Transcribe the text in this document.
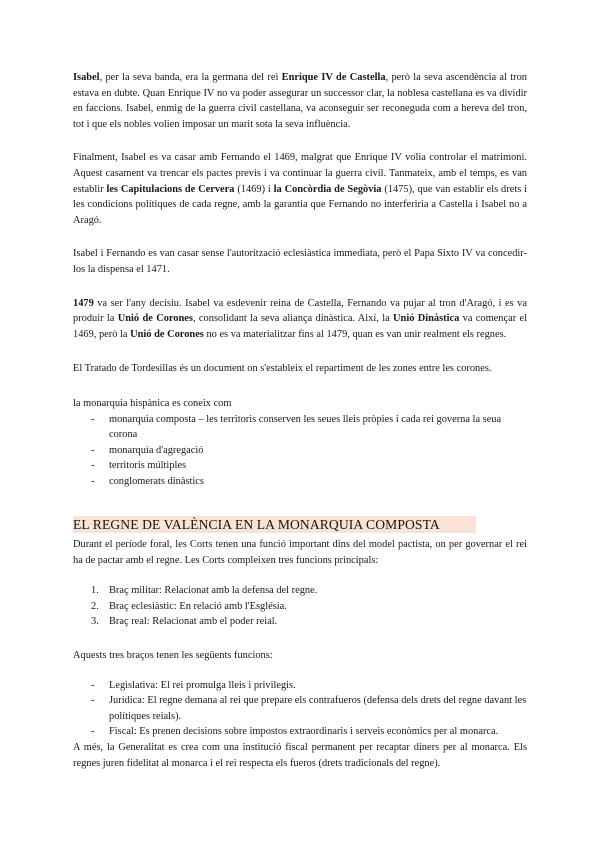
Isabel, per la seva banda, era la germana del rei Enrique IV de Castella, però la seva ascendència al tron estava en dubte. Quan Enrique IV no va poder assegurar un successor clar, la noblesa castellana es va dividir en faccions. Isabel, enmig de la guerra civil castellana, va aconseguir ser reconeguda com a hereva del tron, tot i que els nobles volien imposar un marit sota la seva influència.

Finalment, Isabel es va casar amb Fernando el 1469, malgrat que Enrique IV volia controlar el matrimoni. Aquest casament va trencar els pactes previs i va continuar la guerra civil. Tanmateix, amb el temps, es van establir les Capitulacions de Cervera (1469) i la Concòrdia de Segòvia (1475), que van establir els drets i les condicions polítiques de cada regne, amb la garantia que Fernando no interferiria a Castella i Isabel no a Aragó.

Isabel i Fernando es van casar sense l'autorització eclesiàstica immediata, però el Papa Sixto IV va concedir-los la dispensa el 1471.

1479 va ser l'any decisiu. Isabel va esdevenir reina de Castella, Fernando va pujar al tron d'Aragó, i es va produir la Unió de Corones, consolidant la seva aliança dinàstica. Així, la Unió Dinàstica va començar el 1469, però la Unió de Corones no es va materialitzar fins al 1479, quan es van unir realment els regnes.

El Tratado de Tordesillas és un document on s'estableix el repartiment de les zones entre les corones.

la monarquia hispànica es coneix com

- monarquia composta – les territoris conserven les seues lleis pròpies i cada rei governa la seua corona
- monarquia d'agregació
- territoris múltiples
- conglomerats dinàstics
EL REGNE DE VALÈNCIA EN LA MONARQUIA COMPOSTA

Durant el període foral, les Corts tenen una funció important dins del model pactista, on per governar el rei ha de pactar amb el regne. Les Corts compleixen tres funcions principals:

1. Braç militar: Relacionat amb la defensa del regne.
2. Braç eclesiàstic: En relació amb l'Església.
3. Braç real: Relacionat amb el poder reial.

Aquests tres braços tenen les següents funcions:

- Legislativa: El rei promulga lleis i privilegis.
- Jurídica: El regne demana al rei que prepare els contrafueros (defensa dels drets del regne davant les polítiques reials).
- Fiscal: Es prenen decisions sobre impostos extraordinaris i serveis econòmics per al monarca.

A més, la Generalitat es crea com una institució fiscal permanent per recaptar diners per al monarca. Els regnes juren fidelitat al monarca i el rei respecta els fueros (drets tradicionals del regne).
